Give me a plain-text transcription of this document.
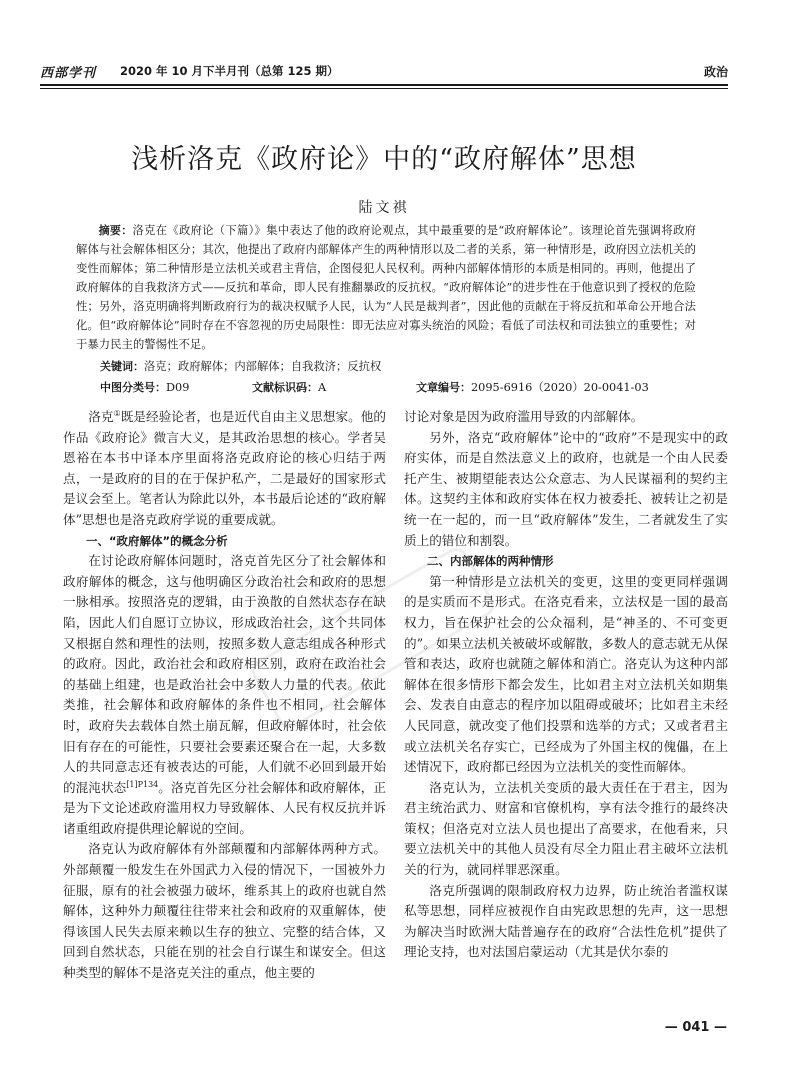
西部学刊 2020 年 10 月下半月刊（总第 125 期）	政治
浅析洛克《政府论》中的“政府解体”思想
陆文祺
摘要：洛克在《政府论（下篇）》集中表达了他的政府论观点，其中最重要的是“政府解体论”。该理论首先强调将政府解体与社会解体相区分；其次，他提出了政府内部解体产生的两种情形以及二者的关系，第一种情形是，政府因立法机关的变性而解体；第二种情形是立法机关或君主背信，企图侵犯人民权利。两种内部解体情形的本质是相同的。再则，他提出了政府解体的自我救济方式——反抗和革命，即人民有推翻暴政的反抗权。“政府解体论”的进步性在于他意识到了授权的危险性；另外，洛克明确将判断政府行为的裁决权赋予人民，认为“人民是裁判者”，因此他的贡献在于将反抗和革命公开地合法化。但“政府解体论”同时存在不容忽视的历史局限性：即无法应对寡头统治的风险；看低了司法权和司法独立的重要性；对于暴力民主的警惕性不足。
关键词：洛克；政府解体；内部解体；自我救济；反抗权
中图分类号：D09	文献标识码：A	文章编号：2095-6916（2020）20-0041-03

洛克①既是经验论者，也是近代自由主义思想家。他的作品《政府论》微言大义，是其政治思想的核心。学者吴恩裕在本书中译本序里面将洛克政府论的核心归结于两点，一是政府的目的在于保护私产，二是最好的国家形式是议会至上。笔者认为除此以外，本书最后论述的“政府解体”思想也是洛克政府学说的重要成就。

一、“政府解体”的概念分析

在讨论政府解体问题时，洛克首先区分了社会解体和政府解体的概念，这与他明确区分政治社会和政府的思想一脉相承。按照洛克的逻辑，由于涣散的自然状态存在缺陷，因此人们自愿订立协议，形成政治社会，这个共同体又根据自然和理性的法则，按照多数人意志组成各种形式的政府。因此，政治社会和政府相区别，政府在政治社会的基础上组建，也是政治社会中多数人力量的代表。依此类推，社会解体和政府解体的条件也不相同，社会解体时，政府失去载体自然土崩瓦解，但政府解体时，社会依旧有存在的可能性，只要社会要素还聚合在一起，大多数人的共同意志还有被表达的可能，人们就不必回到最开始的混沌状态$^{[1]P134}$。洛克首先区分社会解体和政府解体，正是为下文论述政府滥用权力导致解体、人民有权反抗并诉诸重组政府提供理论解说的空间。

洛克认为政府解体有外部颠覆和内部解体两种方式。外部颠覆一般发生在外国武力入侵的情况下，一国被外力征服，原有的社会被强力破坏，维系其上的政府也就自然解体，这种外力颠覆往往带来社会和政府的双重解体，使得该国人民失去原来赖以生存的独立、完整的结合体，又回到自然状态，只能在别的社会自行谋生和谋安全。但这种类型的解体不是洛克关注的重点，他主要的

讨论对象是因为政府滥用导致的内部解体。

另外，洛克“政府解体”论中的“政府”不是现实中的政府实体，而是自然法意义上的政府，也就是一个由人民委托产生、被期望能表达公众意志、为人民谋福利的契约主体。这契约主体和政府实体在权力被委托、被转让之初是统一在一起的，而一旦“政府解体”发生，二者就发生了实质上的错位和割裂。

二、内部解体的两种情形

第一种情形是立法机关的变更，这里的变更同样强调的是实质而不是形式。在洛克看来，立法权是一国的最高权力，旨在保护社会的公众福利，是“神圣的、不可变更的”。如果立法机关被破坏或解散，多数人的意志就无从保管和表达，政府也就随之解体和消亡。洛克认为这种内部解体在很多情形下都会发生，比如君主对立法机关如期集会、发表自由意志的程序加以阻碍或破坏；比如君主未经人民同意，就改变了他们投票和选举的方式；又或者君主或立法机关名存实亡，已经成为了外国主权的傀儡，在上述情况下，政府都已经因为立法机关的变性而解体。

洛克认为，立法机关变质的最大责任在于君主，因为君主统治武力、财富和官僚机构，享有法令推行的最终决策权；但洛克对立法人员也提出了高要求，在他看来，只要立法机关中的其他人员没有尽全力阻止君主破坏立法机关的行为，就同样罪恶深重。

洛克所强调的限制政府权力边界，防止统治者滥权谋私等思想，同样应被视作自由宪政思想的先声，这一思想为解决当时欧洲大陆普遍存在的政府“合法性危机”提供了理论支持，也对法国启蒙运动（尤其是伏尔泰的

— 041 —
